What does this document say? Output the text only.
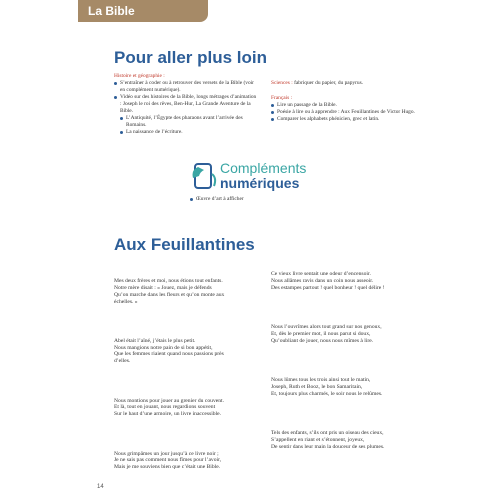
La Bible
Pour aller plus loin
Histoire et géographie :
S’entraîner à coder ou à retrouver des versets de la Bible (voir en complément numérique).
Vidéo sur des histoires de la Bible, longs métrages d’animation : Joseph le roi des rêves, Ben-Hur, La Grande Aventure de la Bible.
L’Antiquité, l’Égypte des pharaons avant l’arrivée des Romains.
La naissance de l’écriture.
Sciences : fabriquer du papier, du papyrus.
Français :
Lire un passage de la Bible.
Poésie à lire ou à apprendre : Aux Feuillantines de Victor Hugo.
Comparer les alphabets phénicien, grec et latin.
Compléments
numériques
Œuvre d’art à afficher
Aux Feuillantines

Mes deux frères et moi, nous étions tout enfants.
Notre mère disait : « Jouez, mais je défends
Qu’on marche dans les fleurs et qu’on monte aux
échelles. »

Abel était l’aîné, j’étais le plus petit.
Nous mangions notre pain de si bon appétit,
Que les femmes riaient quand nous passions près
d’elles.

Nous montions pour jouer au grenier du couvent.
Et là, tout en jouant, nous regardions souvent
Sur le haut d’une armoire, un livre inaccessible.

Nous grimpâmes un jour jusqu’à ce livre noir ;
Je ne sais pas comment nous fîmes pour l’avoir,
Mais je me souviens bien que c’était une Bible.

Ce vieux livre sentait une odeur d’encensoir.
Nous allâmes ravis dans un coin nous asseoir.
Des estampes partout ! quel bonheur ! quel délire !

Nous l’ouvrîmes alors tout grand sur nos genoux,
Et, dès le premier mot, il nous parut si doux,
Qu’oubliant de jouer, nous nous mîmes à lire.

Nous lûmes tous les trois ainsi tout le matin,
Joseph, Ruth et Booz, le bon Samaritain,
Et, toujours plus charmés, le soir nous le relûmes.

Tels des enfants, s’ils ont pris un oiseau des cieux,
S’appellent en riant et s’étonnent, joyeux,
De sentir dans leur main la douceur de ses plumes.

14
